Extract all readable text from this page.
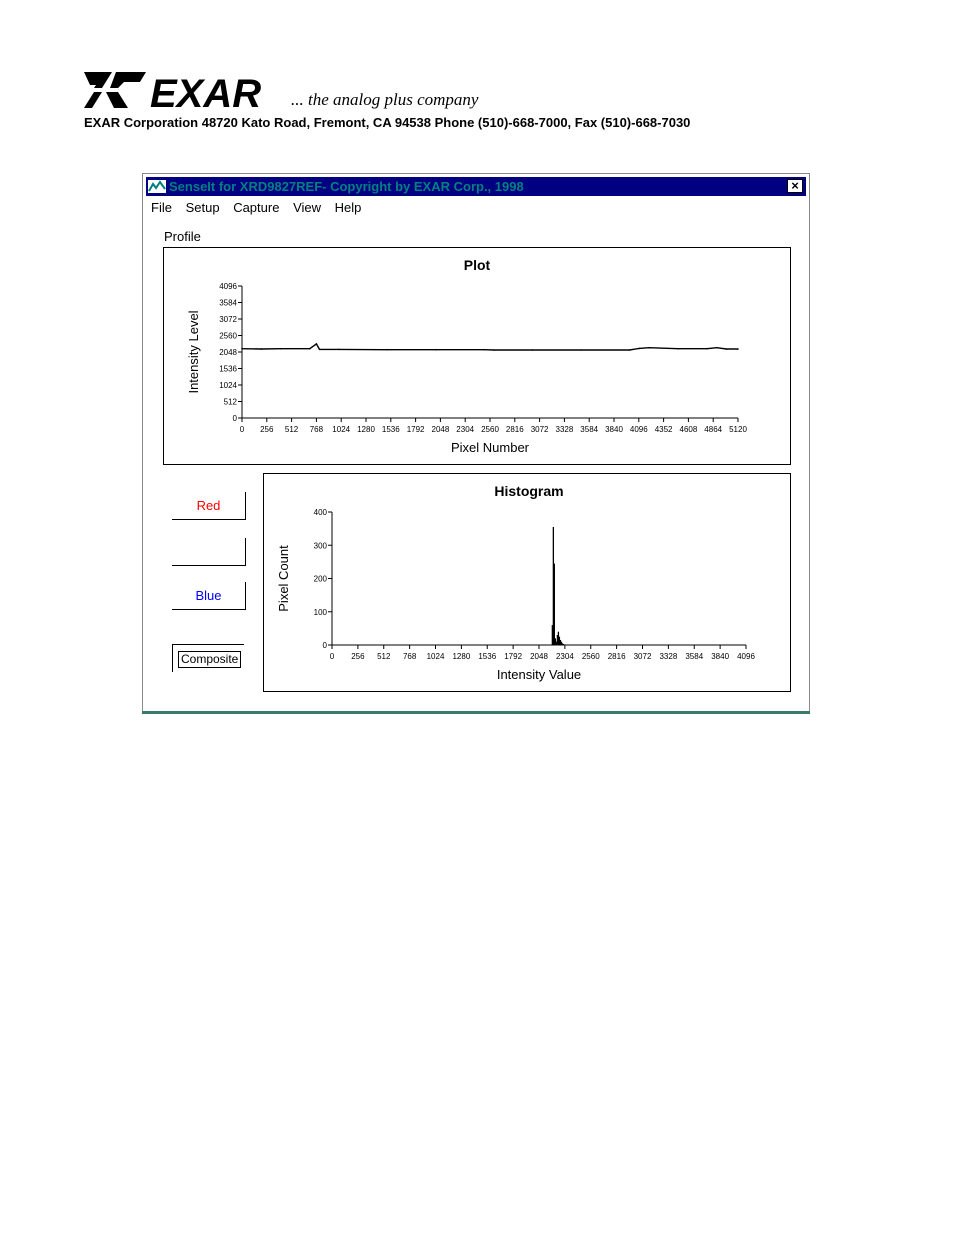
EXAR ... the analog plus company
EXAR Corporation 48720 Kato Road, Fremont, CA 94538 Phone (510)-668-7000, Fax (510)-668-7030
SenseIt for XRD9827REF- Copyright by EXAR Corp., 1998	×
File Setup Capture View Help
Profile
Plot
0 256 512 768 1024 1280 1536 1792 2048 2304 2560 2816 3072 3328 3584 3840 4096 4352 4608 4864 5120
0
512
1024
1536
2048
2560
3072
3584
4096
Pixel Number
Intensity Level
Red
Blue
Composite
Histogram
0 256 512 768 1024 1280 1536 1792 2048 2304 2560 2816 3072 3328 3584 3840 4096
0
100
200
300
400
Intensity Value
Pixel Count
